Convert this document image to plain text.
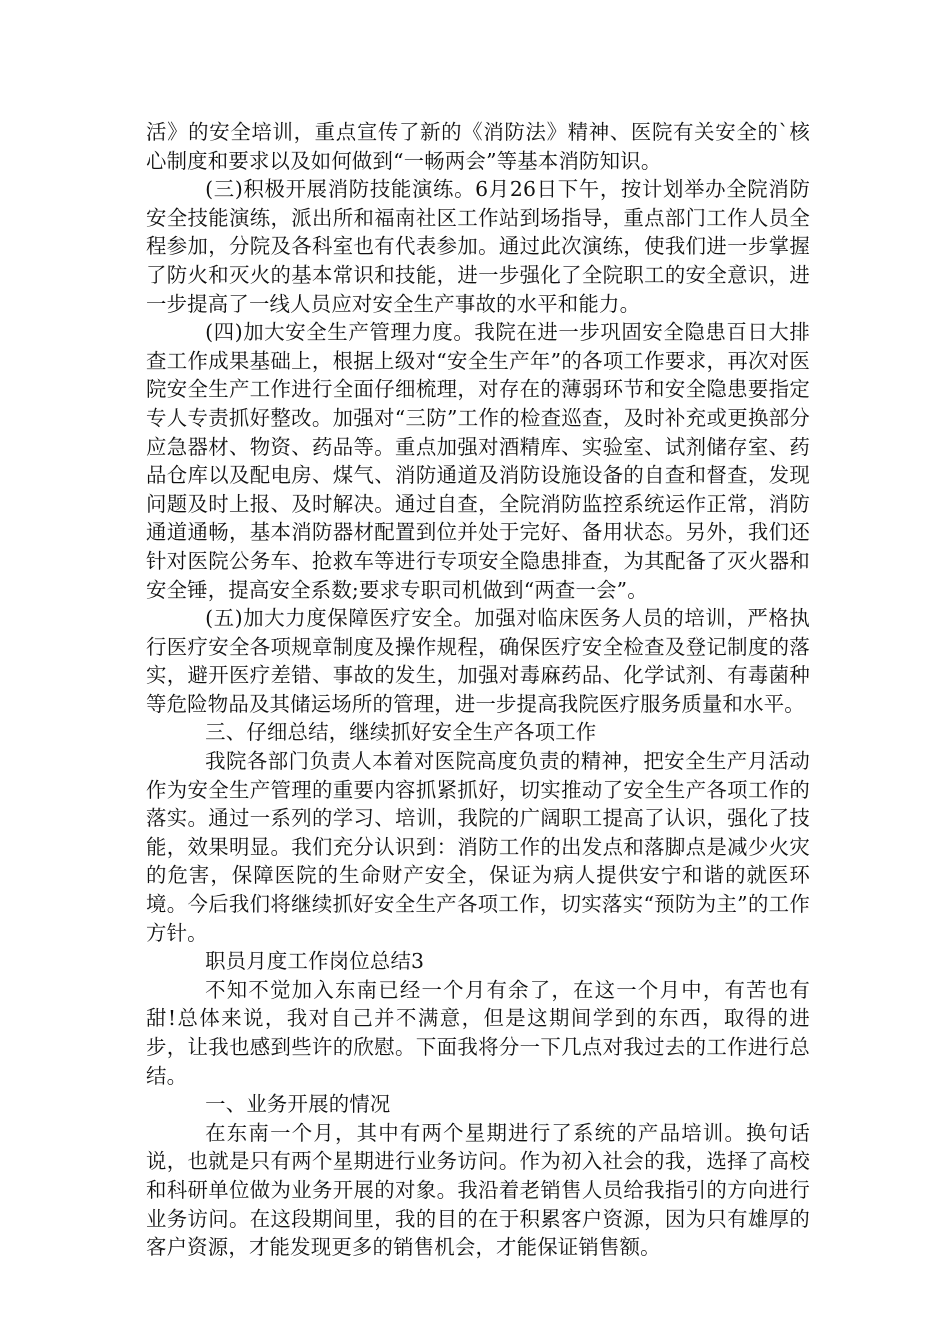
活》的安全培训，重点宣传了新的《消防法》精神、医院有关安全的`核心制度和要求以及如何做到“一畅两会”等基本消防知识。

(三)积极开展消防技能演练。6月26日下午，按计划举办全院消防安全技能演练，派出所和福南社区工作站到场指导，重点部门工作人员全程参加，分院及各科室也有代表参加。通过此次演练，使我们进一步掌握了防火和灭火的基本常识和技能，进一步强化了全院职工的安全意识，进一步提高了一线人员应对安全生产事故的水平和能力。

(四)加大安全生产管理力度。我院在进一步巩固安全隐患百日大排查工作成果基础上，根据上级对“安全生产年”的各项工作要求，再次对医院安全生产工作进行全面仔细梳理，对存在的薄弱环节和安全隐患要指定专人专责抓好整改。加强对“三防”工作的检查巡查，及时补充或更换部分应急器材、物资、药品等。重点加强对酒精库、实验室、试剂储存室、药品仓库以及配电房、煤气、消防通道及消防设施设备的自查和督查，发现问题及时上报、及时解决。通过自查，全院消防监控系统运作正常，消防通道通畅，基本消防器材配置到位并处于完好、备用状态。另外，我们还针对医院公务车、抢救车等进行专项安全隐患排查，为其配备了灭火器和安全锤，提高安全系数;要求专职司机做到“两查一会”。

(五)加大力度保障医疗安全。加强对临床医务人员的培训，严格执行医疗安全各项规章制度及操作规程，确保医疗安全检查及登记制度的落实，避开医疗差错、事故的发生，加强对毒麻药品、化学试剂、有毒菌种等危险物品及其储运场所的管理，进一步提高我院医疗服务质量和水平。

三、仔细总结，继续抓好安全生产各项工作

我院各部门负责人本着对医院高度负责的精神，把安全生产月活动作为安全生产管理的重要内容抓紧抓好，切实推动了安全生产各项工作的落实。通过一系列的学习、培训，我院的广阔职工提高了认识，强化了技能，效果明显。我们充分认识到：消防工作的出发点和落脚点是减少火灾的危害，保障医院的生命财产安全，保证为病人提供安宁和谐的就医环境。今后我们将继续抓好安全生产各项工作，切实落实“预防为主”的工作方针。

职员月度工作岗位总结3

不知不觉加入东南已经一个月有余了，在这一个月中，有苦也有甜!总体来说，我对自己并不满意，但是这期间学到的东西，取得的进步，让我也感到些许的欣慰。下面我将分一下几点对我过去的工作进行总结。

一、业务开展的情况

在东南一个月，其中有两个星期进行了系统的产品培训。换句话说，也就是只有两个星期进行业务访问。作为初入社会的我，选择了高校和科研单位做为业务开展的对象。我沿着老销售人员给我指引的方向进行业务访问。在这段期间里，我的目的在于积累客户资源，因为只有雄厚的客户资源，才能发现更多的销售机会，才能保证销售额。
